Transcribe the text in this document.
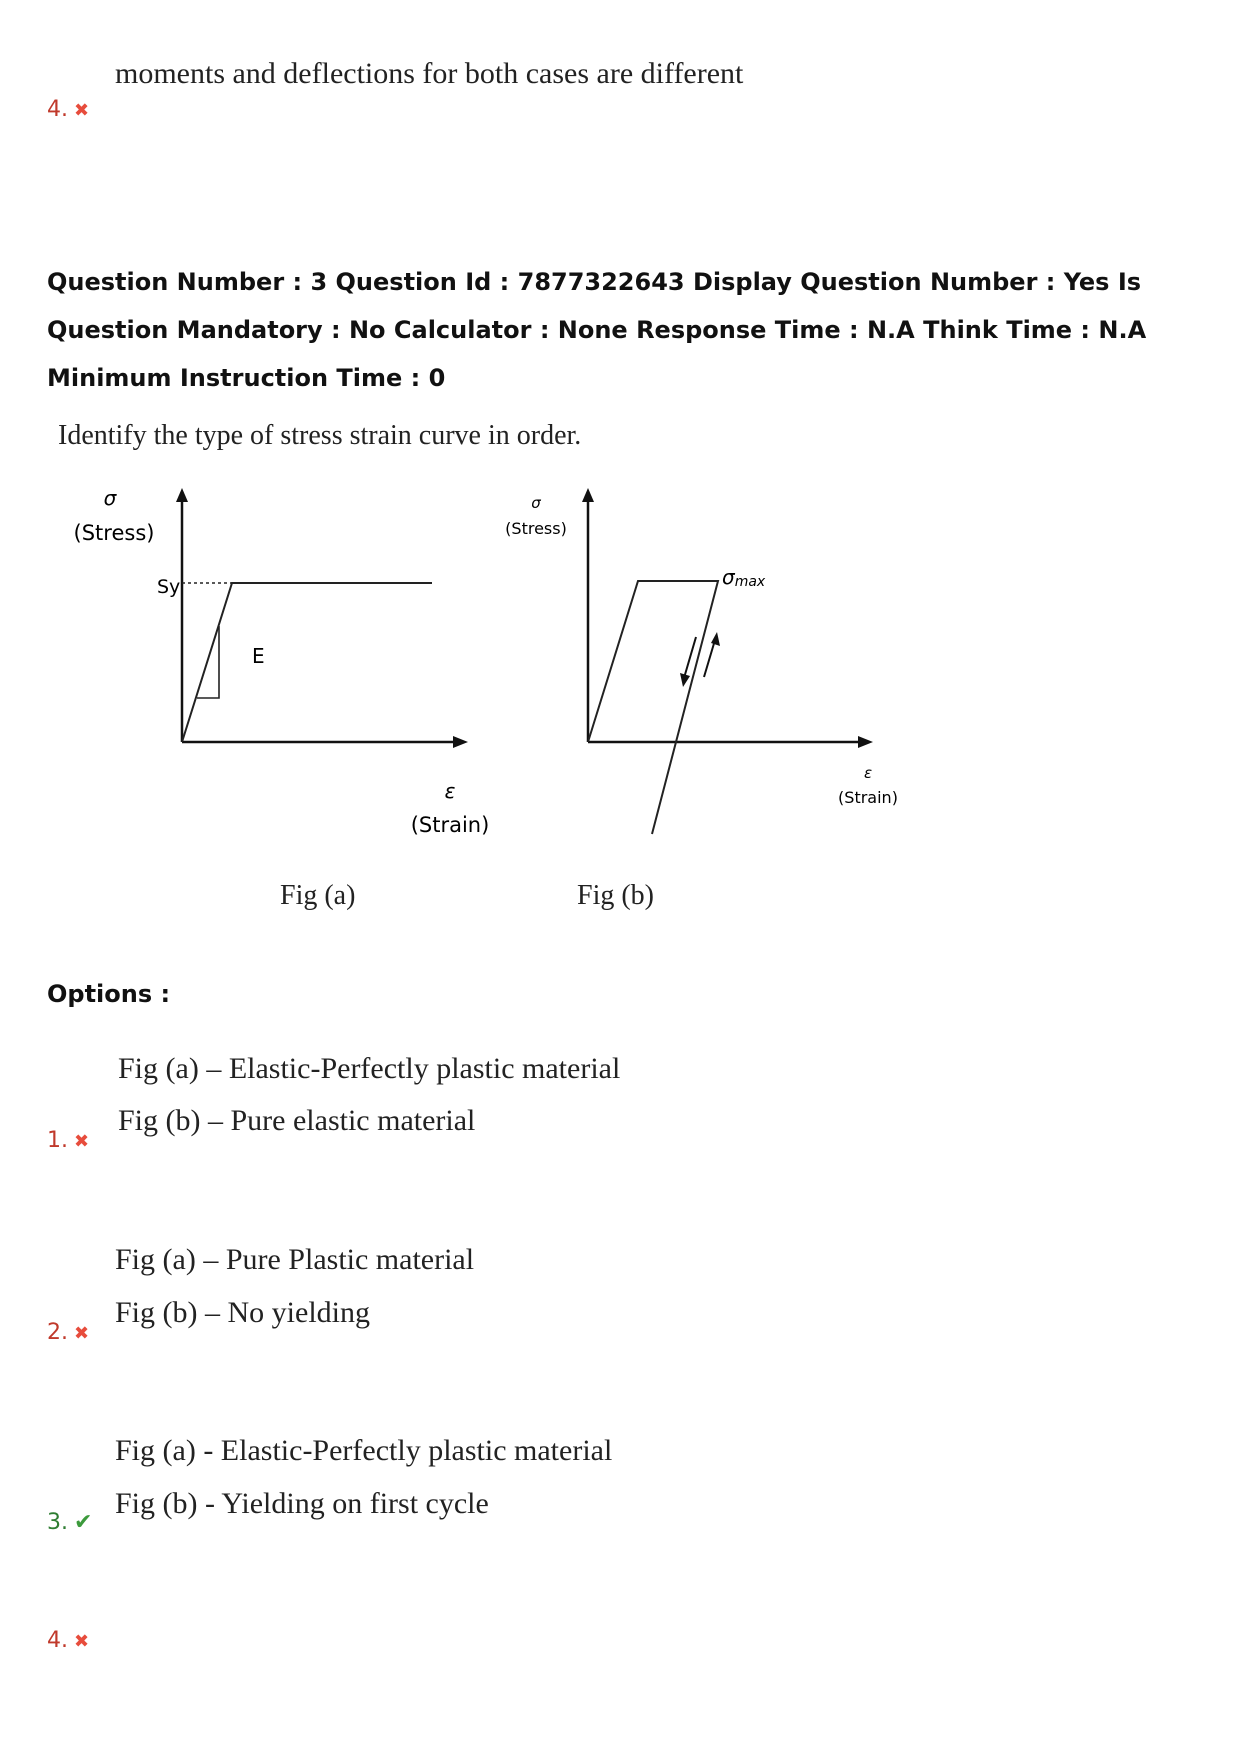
moments and deflections for both cases are different
4. ✖
Question Number : 3 Question Id : 7877322643 Display Question Number : Yes Is Question Mandatory : No Calculator : None Response Time : N.A Think Time : N.A Minimum Instruction Time : 0
Identify the type of stress strain curve in order.
σ
(Stress)
Sy
E
ε
(Strain)
Fig (a)
σ
(Stress)
σmax
ε
(Strain)
Fig (b)
Options :
Fig (a) – Elastic-Perfectly plastic material
Fig (b) – Pure elastic material
1. ✖
Fig (a) – Pure Plastic material
Fig (b) – No yielding
2. ✖
Fig (a) - Elastic-Perfectly plastic material
Fig (b) - Yielding on first cycle
3. ✔
4. ✖
